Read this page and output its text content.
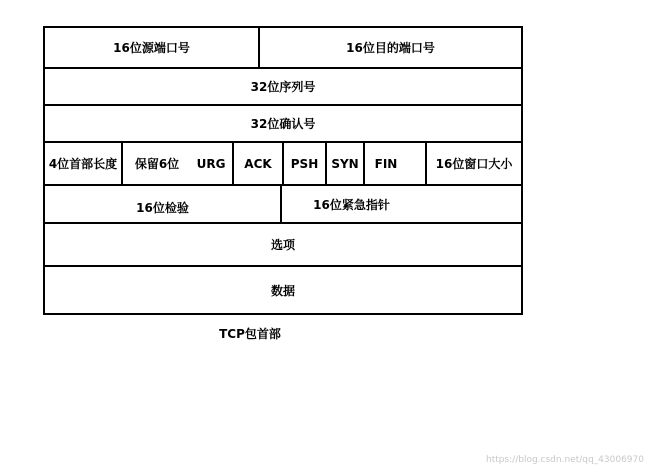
16位源端口号	16位目的端口号
32位序列号
32位确认号
4位首部长度	保留6位	URG	ACK	PSH	SYN	FIN	16位窗口大小
16位检验	16位紧急指针
选项
数据
TCP包首部
https://blog.csdn.net/qq_43006970
